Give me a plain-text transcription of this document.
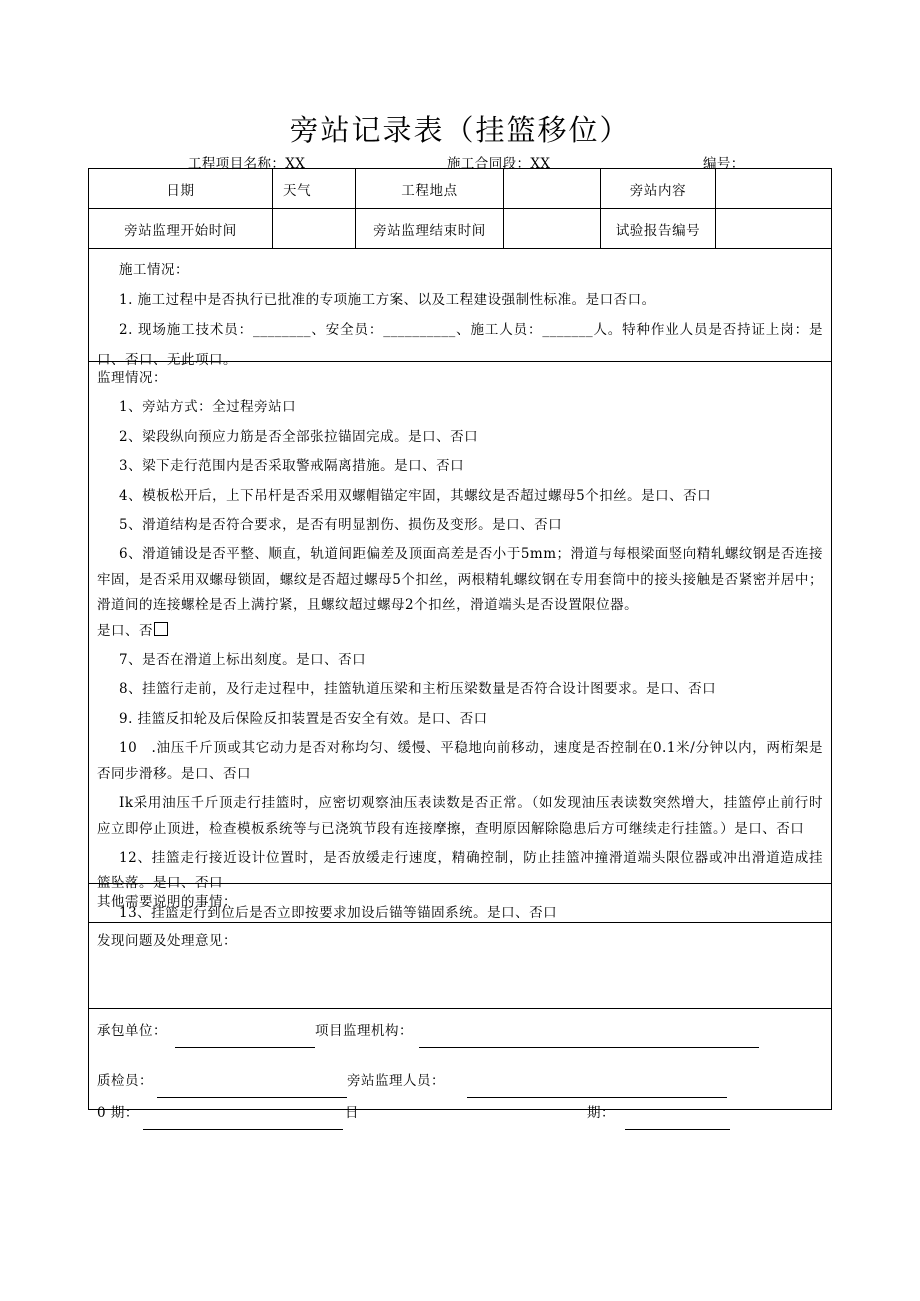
旁站记录表（挂篮移位）
工程项目名称：XX	施工合同段：XX	编号：
日期	天气	工程地点	旁站内容
旁站监理开始时间	旁站监理结束时间	试验报告编号

施工情况：

1. 施工过程中是否执行已批准的专项施工方案、以及工程建设强制性标准。是口否口。

2. 现场施工技术员：________、安全员：__________、施工人员：_______人。特种作业人员是否持证上岗：是口、否口、无此项口。

监理情况：

1、旁站方式：全过程旁站口

2、梁段纵向预应力筋是否全部张拉锚固完成。是口、否口

3、梁下走行范围内是否采取警戒隔离措施。是口、否口

4、模板松开后，上下吊杆是否采用双螺帽锚定牢固，其螺纹是否超过螺母5个扣丝。是口、否口

5、滑道结构是否符合要求，是否有明显割伤、损伤及变形。是口、否口

6、滑道铺设是否平整、顺直，轨道间距偏差及顶面高差是否小于5mm；滑道与每根梁面竖向精轧螺纹钢是否连接牢固，是否采用双螺母锁固，螺纹是否超过螺母5个扣丝，两根精轧螺纹钢在专用套筒中的接头接触是否紧密并居中；滑道间的连接螺栓是否上满拧紧，且螺纹超过螺母2个扣丝，滑道端头是否设置限位器。

是口、否

7、是否在滑道上标出刻度。是口、否口

8、挂篮行走前，及行走过程中，挂篮轨道压梁和主桁压梁数量是否符合设计图要求。是口、否口

9. 挂篮反扣轮及后保险反扣装置是否安全有效。是口、否口

10　.油压千斤顶或其它动力是否对称均匀、缓慢、平稳地向前移动，速度是否控制在0.1米/分钟以内，两桁架是否同步滑移。是口、否口

Ik采用油压千斤顶走行挂篮时，应密切观察油压表读数是否正常。（如发现油压表读数突然增大，挂篮停止前行时应立即停止顶进，检查模板系统等与已浇筑节段有连接摩擦，查明原因解除隐患后方可继续走行挂篮。）是口、否口

12、挂篮走行接近设计位置时，是否放缓走行速度，精确控制，防止挂篮冲撞滑道端头限位器或冲出滑道造成挂篮坠落。是口、否口

13、挂篮走行到位后是否立即按要求加设后锚等锚固系统。是口、否口

其他需要说明的事情：

发现问题及处理意见：

承包单位：	项目监理机构：
质检员：	旁站监理人员：
0 期：	日	期：
